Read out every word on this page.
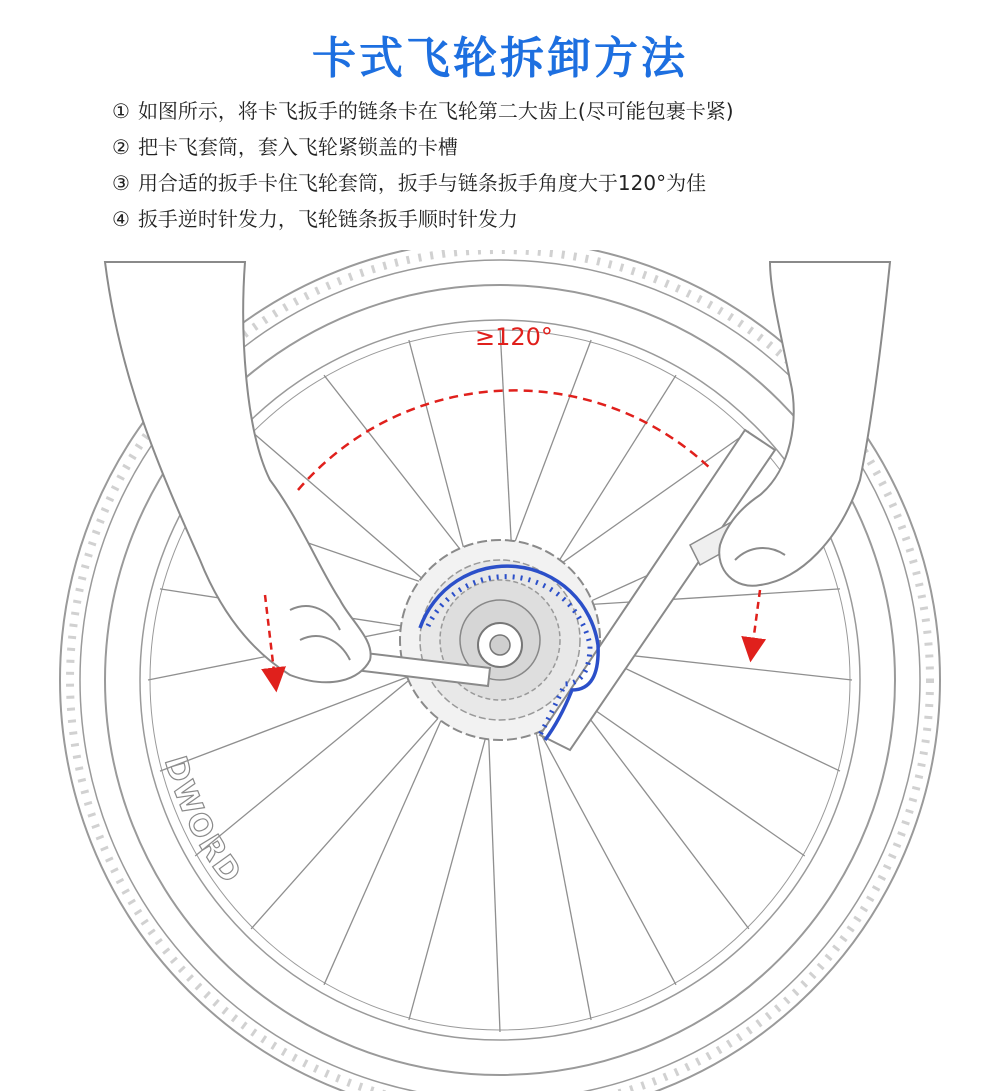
卡式飞轮拆卸方法
① 如图所示，将卡飞扳手的链条卡在飞轮第二大齿上(尽可能包裹卡紧)
② 把卡飞套筒，套入飞轮紧锁盖的卡槽
③ 用合适的扳手卡住飞轮套筒，扳手与链条扳手角度大于120°为佳
④ 扳手逆时针发力，飞轮链条扳手顺时针发力
DWORD
≥120°
